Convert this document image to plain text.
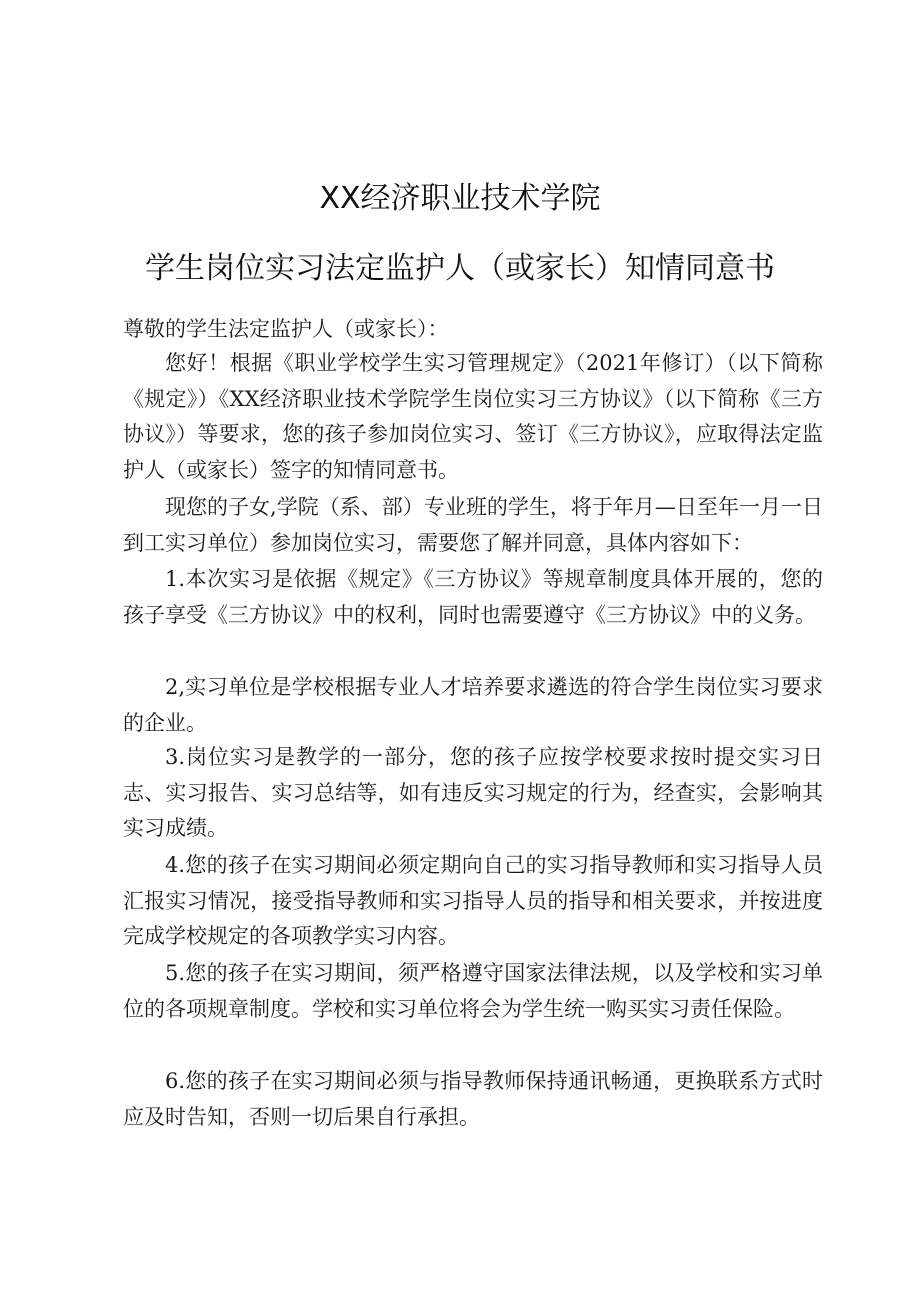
XX经济职业技术学院
学生岗位实习法定监护人（或家长）知情同意书
尊敬的学生法定监护人（或家长）：

您好！根据《职业学校学生实习管理规定》（2021年修订）（以下简称《规定》）《XX经济职业技术学院学生岗位实习三方协议》（以下简称《三方协议》）等要求，您的孩子参加岗位实习、签订《三方协议》，应取得法定监护人（或家长）签字的知情同意书。

现您的子女,学院（系、部）专业班的学生，将于年月—日至年一月一日到工实习单位）参加岗位实习，需要您了解并同意，具体内容如下：

1.本次实习是依据《规定》《三方协议》等规章制度具体开展的，您的孩子享受《三方协议》中的权利，同时也需要遵守《三方协议》中的义务。

2,实习单位是学校根据专业人才培养要求遴选的符合学生岗位实习要求的企业。

3.岗位实习是教学的一部分，您的孩子应按学校要求按时提交实习日志、实习报告、实习总结等，如有违反实习规定的行为，经查实，会影响其实习成绩。

4.您的孩子在实习期间必须定期向自己的实习指导教师和实习指导人员汇报实习情况，接受指导教师和实习指导人员的指导和相关要求，并按进度完成学校规定的各项教学实习内容。

5.您的孩子在实习期间，须严格遵守国家法律法规，以及学校和实习单位的各项规章制度。学校和实习单位将会为学生统一购买实习责任保险。

6.您的孩子在实习期间必须与指导教师保持通讯畅通，更换联系方式时应及时告知，否则一切后果自行承担。
